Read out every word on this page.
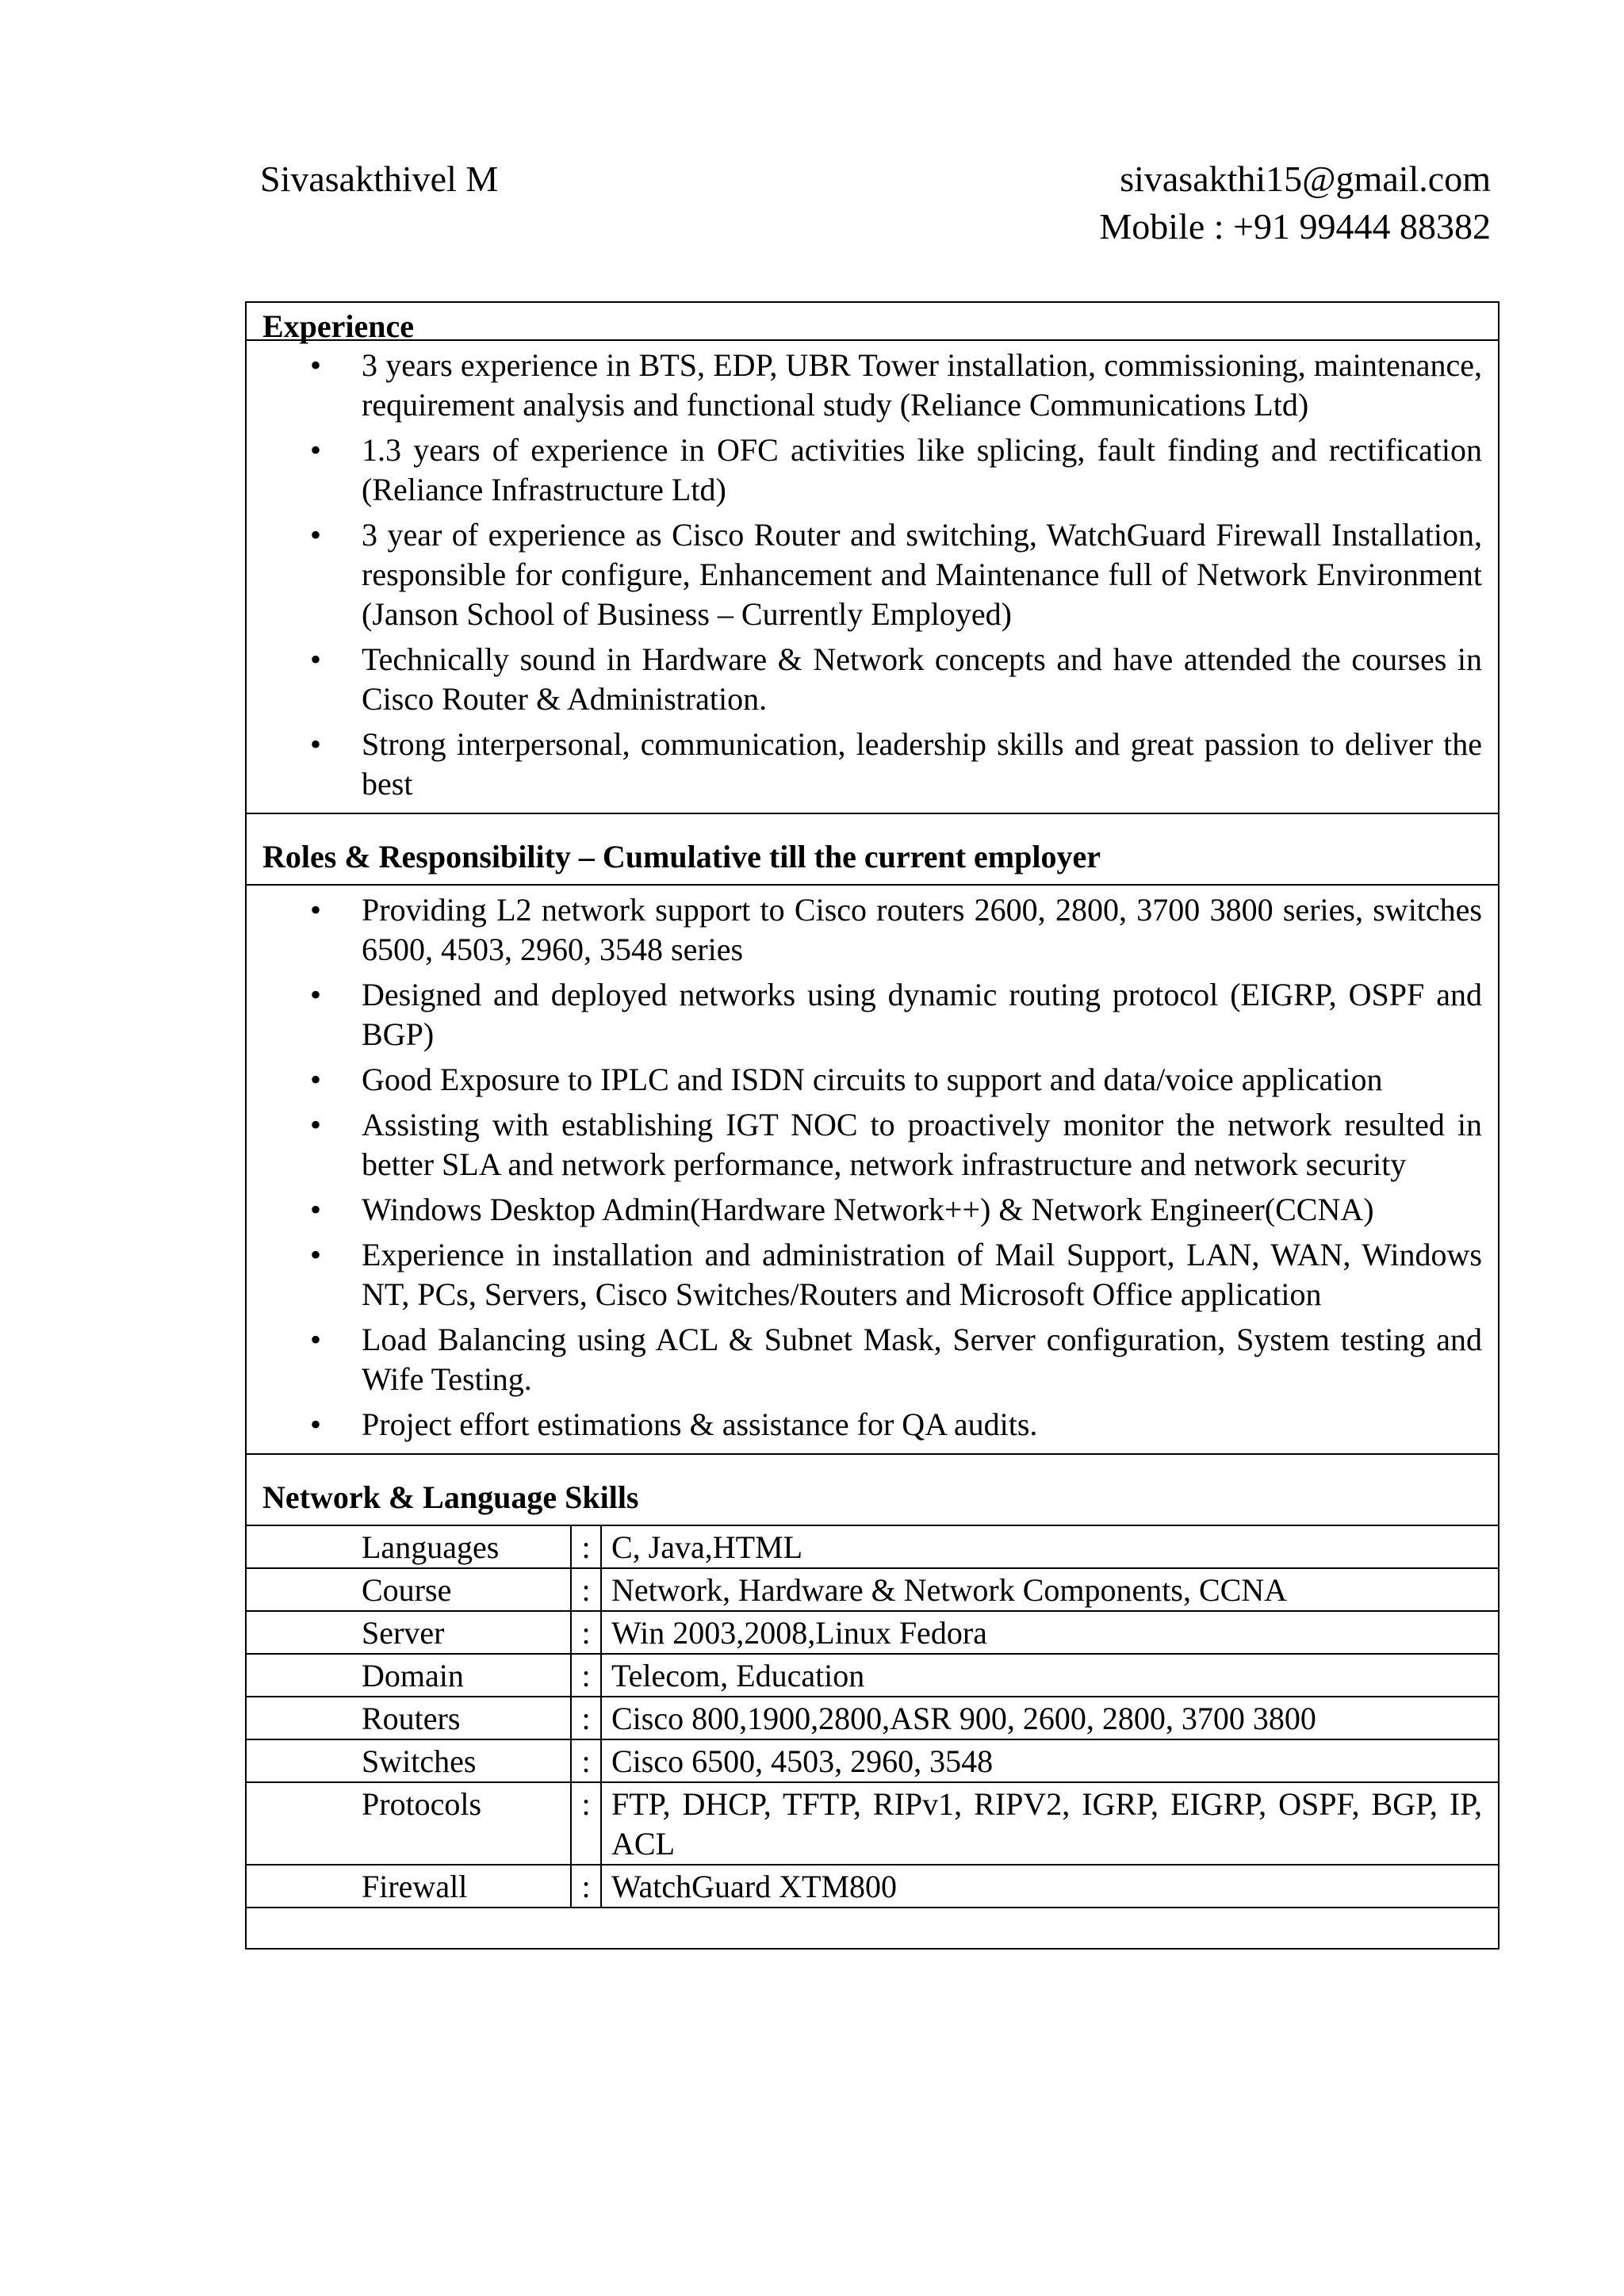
Sivasakthivel M	sivasakthi15@gmail.com
Mobile : +91 99444 88382
Experience
• 3 years experience in BTS, EDP, UBR Tower installation, commissioning, maintenance, requirement analysis and functional study (Reliance Communications Ltd)
• 1.3 years of experience in OFC activities like splicing, fault finding and rectification (Reliance Infrastructure Ltd)
• 3 year of experience as Cisco Router and switching, WatchGuard Firewall Installation, responsible for configure, Enhancement and Maintenance full of Network Environment (Janson School of Business – Currently Employed)
• Technically sound in Hardware & Network concepts and have attended the courses in Cisco Router & Administration.
• Strong interpersonal, communication, leadership skills and great passion to deliver the best
Roles & Responsibility – Cumulative till the current employer
• Providing L2 network support to Cisco routers 2600, 2800, 3700 3800 series, switches 6500, 4503, 2960, 3548 series
• Designed and deployed networks using dynamic routing protocol (EIGRP, OSPF and BGP)
• Good Exposure to IPLC and ISDN circuits to support and data/voice application
• Assisting with establishing IGT NOC to proactively monitor the network resulted in better SLA and network performance, network infrastructure and network security
• Windows Desktop Admin(Hardware Network++) & Network Engineer(CCNA)
• Experience in installation and administration of Mail Support, LAN, WAN, Windows NT, PCs, Servers, Cisco Switches/Routers and Microsoft Office application
• Load Balancing using ACL & Subnet Mask, Server configuration, System testing and Wife Testing.
• Project effort estimations & assistance for QA audits.
Network & Language Skills
Languages	:	C, Java,HTML
Course	:	Network, Hardware & Network Components, CCNA
Server	:	Win 2003,2008,Linux Fedora
Domain	:	Telecom, Education
Routers	:	Cisco 800,1900,2800,ASR 900, 2600, 2800, 3700 3800
Switches	:	Cisco 6500, 4503, 2960, 3548
Protocols	:	FTP, DHCP, TFTP, RIPv1, RIPV2, IGRP, EIGRP, OSPF, BGP, IP, ACL
Firewall	:	WatchGuard XTM800
